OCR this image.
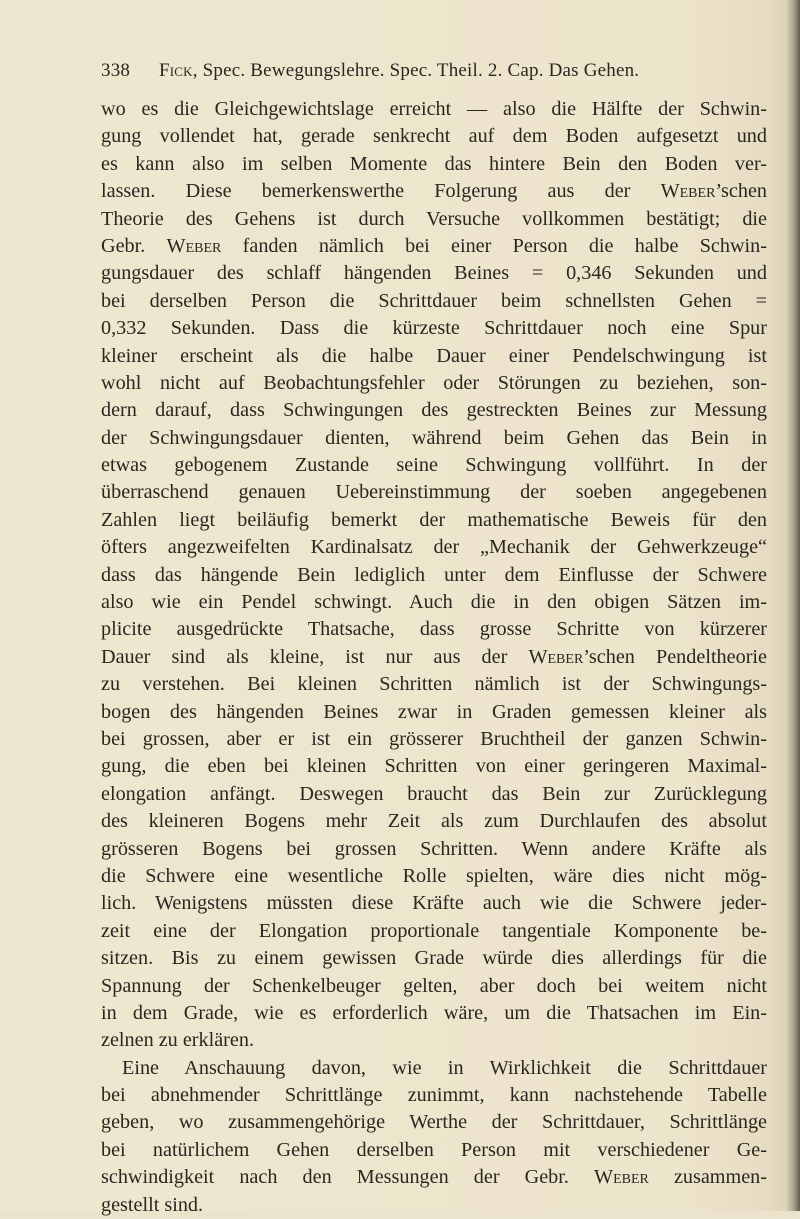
338 Fick, Spec. Bewegungslehre. Spec. Theil. 2. Cap. Das Gehen.
wo es die Gleichgewichtslage erreicht — also die Hälfte der Schwin-
gung vollendet hat, gerade senkrecht auf dem Boden aufgesetzt und
es kann also im selben Momente das hintere Bein den Boden ver-
lassen. Diese bemerkenswerthe Folgerung aus der Weber’schen
Theorie des Gehens ist durch Versuche vollkommen bestätigt; die
Gebr. Weber fanden nämlich bei einer Person die halbe Schwin-
gungsdauer des schlaff hängenden Beines = 0,346 Sekunden und
bei derselben Person die Schrittdauer beim schnellsten Gehen =
0,332 Sekunden. Dass die kürzeste Schrittdauer noch eine Spur
kleiner erscheint als die halbe Dauer einer Pendelschwingung ist
wohl nicht auf Beobachtungsfehler oder Störungen zu beziehen, son-
dern darauf, dass Schwingungen des gestreckten Beines zur Messung
der Schwingungsdauer dienten, während beim Gehen das Bein in
etwas gebogenem Zustande seine Schwingung vollführt. In der
überraschend genauen Uebereinstimmung der soeben angegebenen
Zahlen liegt beiläufig bemerkt der mathematische Beweis für den
öfters angezweifelten Kardinalsatz der „Mechanik der Gehwerkzeuge“
dass das hängende Bein lediglich unter dem Einflusse der Schwere
also wie ein Pendel schwingt. Auch die in den obigen Sätzen im-
plicite ausgedrückte Thatsache, dass grosse Schritte von kürzerer
Dauer sind als kleine, ist nur aus der Weber’schen Pendeltheorie
zu verstehen. Bei kleinen Schritten nämlich ist der Schwingungs-
bogen des hängenden Beines zwar in Graden gemessen kleiner als
bei grossen, aber er ist ein grösserer Bruchtheil der ganzen Schwin-
gung, die eben bei kleinen Schritten von einer geringeren Maximal-
elongation anfängt. Deswegen braucht das Bein zur Zurücklegung
des kleineren Bogens mehr Zeit als zum Durchlaufen des absolut
grösseren Bogens bei grossen Schritten. Wenn andere Kräfte als
die Schwere eine wesentliche Rolle spielten, wäre dies nicht mög-
lich. Wenigstens müssten diese Kräfte auch wie die Schwere jeder-
zeit eine der Elongation proportionale tangentiale Komponente be-
sitzen. Bis zu einem gewissen Grade würde dies allerdings für die
Spannung der Schenkelbeuger gelten, aber doch bei weitem nicht
in dem Grade, wie es erforderlich wäre, um die Thatsachen im Ein-
zelnen zu erklären.
Eine Anschauung davon, wie in Wirklichkeit die Schrittdauer
bei abnehmender Schrittlänge zunimmt, kann nachstehende Tabelle
geben, wo zusammengehörige Werthe der Schrittdauer, Schrittlänge
bei natürlichem Gehen derselben Person mit verschiedener Ge-
schwindigkeit nach den Messungen der Gebr. Weber zusammen-
gestellt sind.
